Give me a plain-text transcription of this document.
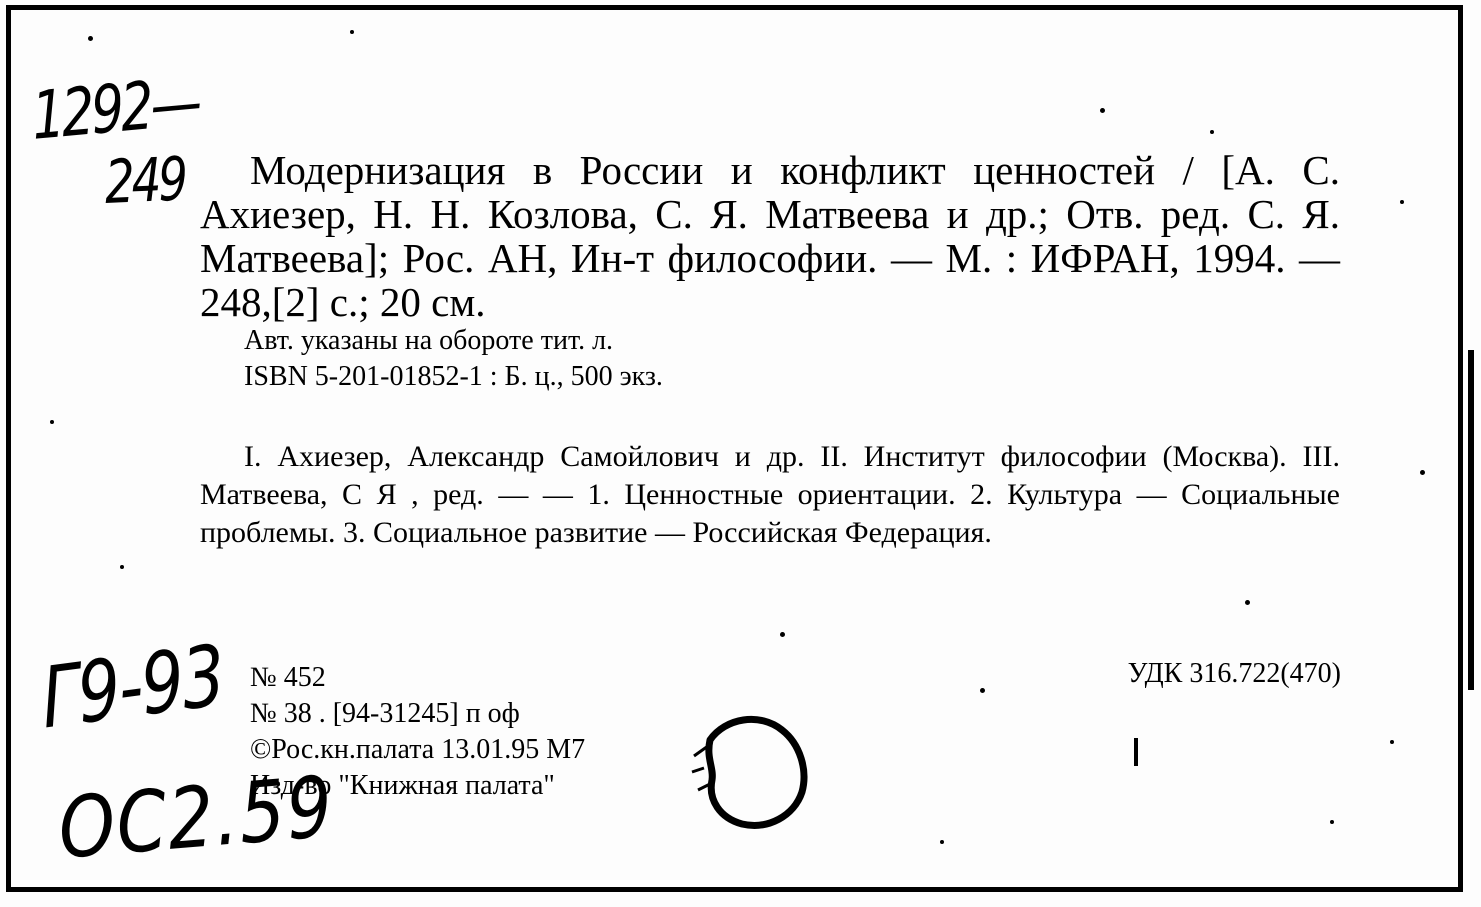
1292—
249	Модернизация в России и конфликт ценностей / [А. С. Ахиезер, Н. Н. Козлова, С. Я. Матвеева и др.; Отв. ред. С. Я. Матвеева]; Рос. АН, Ин-т философии. — М. : ИФРАН, 1994. — 248,[2] с.; 20 см.
Авт. указаны на обороте тит. л.
ISBN 5-201-01852-1 : Б. ц., 500 экз.
I. Ахиезер, Александр Самойлович и др. II. Институт философии (Москва). III. Матвеева, С Я , ред. — — 1. Ценностные ориентации. 2. Культура — Социальные проблемы. 3. Социальное развитие — Российская Федерация.
№ 452
№ 38 . [94-31245] п оф
©Рос.кн.палата 13.01.95 М7
Изд-во "Книжная палата"
УДК 316.722(470)
Г9-93
ОС2.59
